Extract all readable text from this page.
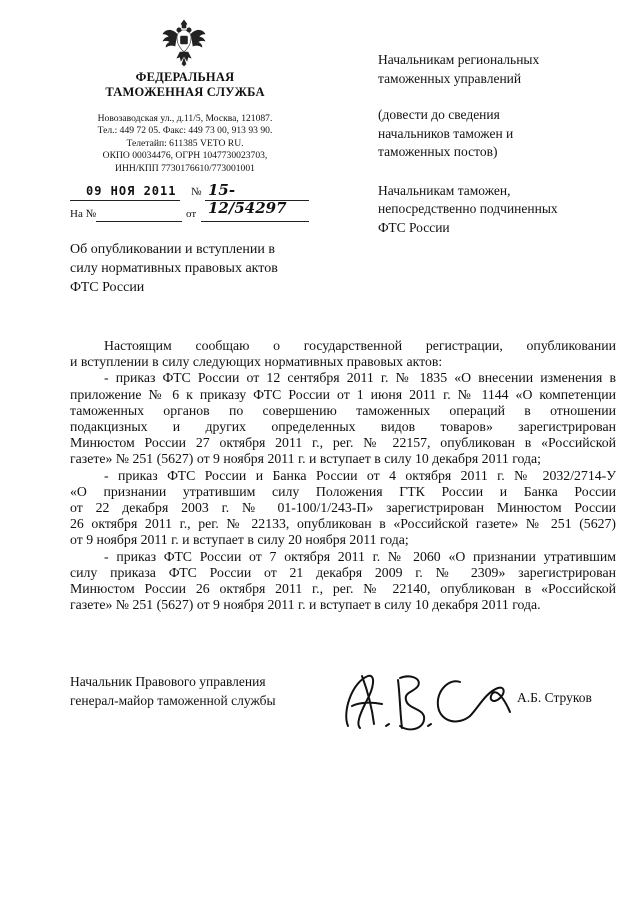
ФЕДЕРАЛЬНАЯ
ТАМОЖЕННАЯ СЛУЖБА
Новозаводская ул., д.11/5, Москва, 121087.
Тел.: 449 72 05. Факс: 449 73 00, 913 93 90.
Телетайп: 611385 VETO RU.
ОКПО 00034476, ОГРН 1047730023703,
ИНН/КПП 7730176610/773001001
09 НОЯ 2011 № 15-12/54297
На №	от
Об опубликовании и вступлении в
силу нормативных правовых актов
ФТС России
Начальникам региональных
таможенных управлений
(довести до сведения
начальников таможен и
таможенных постов)
Начальникам таможен,
непосредственно подчиненных
ФТС России
Настоящим сообщаю о государственной регистрации, опубликовании
и вступлении в силу следующих нормативных правовых актов:
- приказ ФТС России от 12 сентября 2011 г. № 1835 «О внесении изменения в
приложение № 6 к приказу ФТС России от 1 июня 2011 г. № 1144 «О компетенции
таможенных органов по совершению таможенных операций в отношении
подакцизных и других определенных видов товаров» зарегистрирован
Минюстом России 27 октября 2011 г., рег. № 22157, опубликован в «Российской
газете» № 251 (5627) от 9 ноября 2011 г. и вступает в силу 10 декабря 2011 года;
- приказ ФТС России и Банка России от 4 октября 2011 г. № 2032/2714-У
«О признании утратившим силу Положения ГТК России и Банка России
от 22 декабря 2003 г. № 01-100/1/243-П» зарегистрирован Минюстом России
26 октября 2011 г., рег. № 22133, опубликован в «Российской газете» № 251 (5627)
от 9 ноября 2011 г. и вступает в силу 20 ноября 2011 года;
- приказ ФТС России от 7 октября 2011 г. № 2060 «О признании утратившим
силу приказа ФТС России от 21 декабря 2009 г. № 2309» зарегистрирован
Минюстом России 26 октября 2011 г., рег. № 22140, опубликован в «Российской
газете» № 251 (5627) от 9 ноября 2011 г. и вступает в силу 10 декабря 2011 года.
Начальник Правового управления
генерал-майор таможенной службы	А.Б. Струков
